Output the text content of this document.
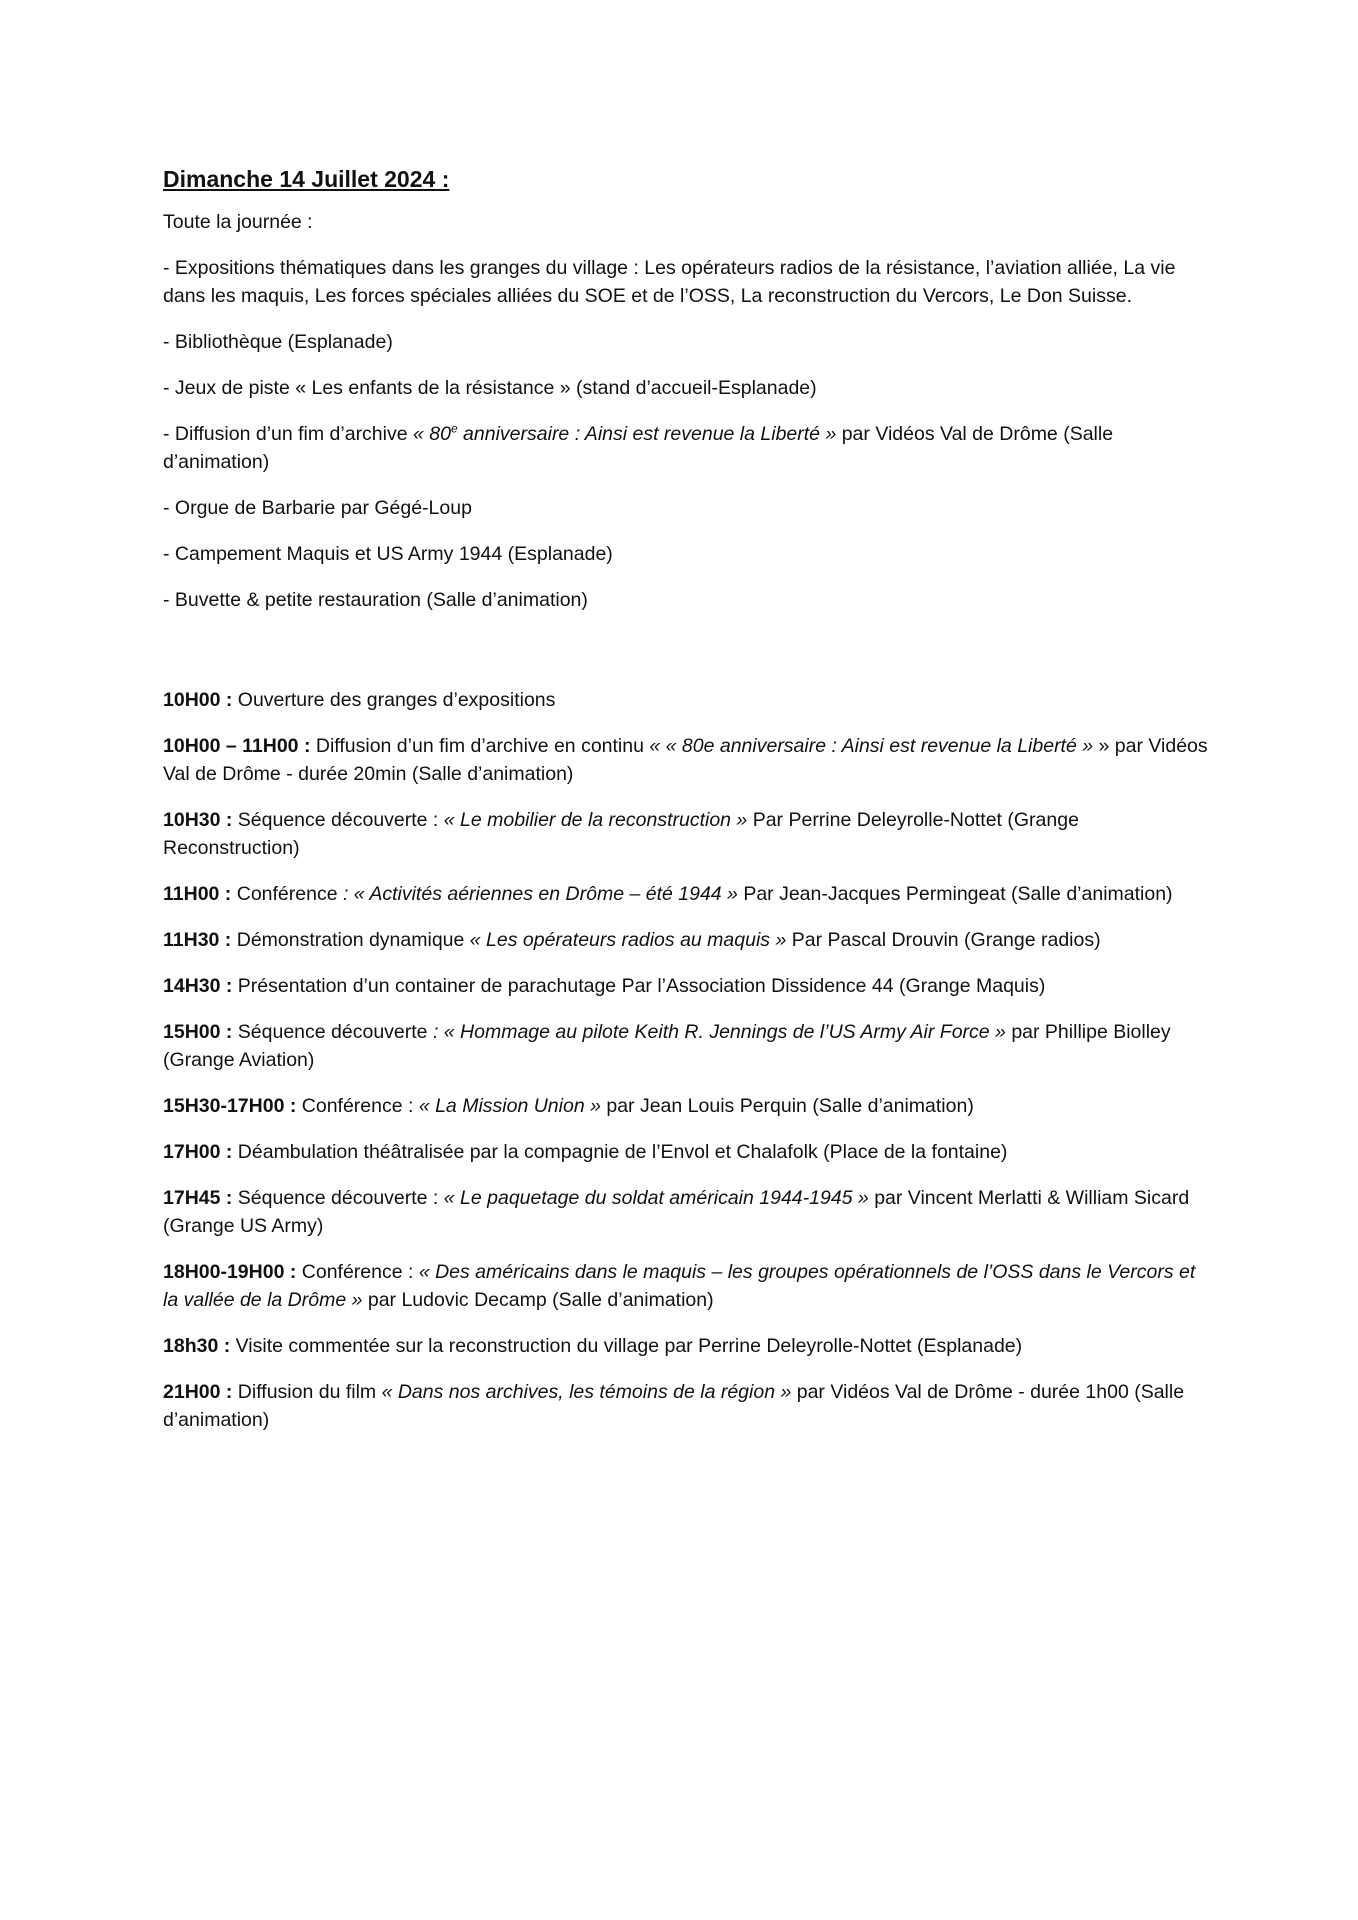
Dimanche 14 Juillet 2024 :
Toute la journée :
- Expositions thématiques dans les granges du village : Les opérateurs radios de la résistance, l’aviation alliée, La vie dans les maquis, Les forces spéciales alliées du SOE et de l’OSS, La reconstruction du Vercors, Le Don Suisse.
- Bibliothèque (Esplanade)
- Jeux de piste « Les enfants de la résistance » (stand d’accueil-Esplanade)
- Diffusion d’un fim d’archive « 80e anniversaire : Ainsi est revenue la Liberté » par Vidéos Val de Drôme (Salle d’animation)
- Orgue de Barbarie par Gégé-Loup
- Campement Maquis et US Army 1944 (Esplanade)
- Buvette & petite restauration (Salle d’animation)
10H00 : Ouverture des granges d’expositions
10H00 – 11H00 : Diffusion d’un fim d’archive en continu « « 80e anniversaire : Ainsi est revenue la Liberté » » par Vidéos Val de Drôme - durée 20min (Salle d’animation)
10H30 : Séquence découverte : « Le mobilier de la reconstruction » Par Perrine Deleyrolle-Nottet (Grange Reconstruction)
11H00 : Conférence : « Activités aériennes en Drôme – été 1944 » Par Jean-Jacques Permingeat (Salle d’animation)
11H30 : Démonstration dynamique « Les opérateurs radios au maquis » Par Pascal Drouvin (Grange radios)
14H30 : Présentation d’un container de parachutage Par l’Association Dissidence 44 (Grange Maquis)
15H00 : Séquence découverte : « Hommage au pilote Keith R. Jennings de l’US Army Air Force » par Phillipe Biolley (Grange Aviation)
15H30-17H00 : Conférence : « La Mission Union » par Jean Louis Perquin (Salle d’animation)
17H00 : Déambulation théâtralisée par la compagnie de l’Envol et Chalafolk (Place de la fontaine)
17H45 : Séquence découverte : « Le paquetage du soldat américain 1944-1945 » par Vincent Merlatti & William Sicard (Grange US Army)
18H00-19H00 : Conférence : « Des américains dans le maquis – les groupes opérationnels de l’OSS dans le Vercors et la vallée de la Drôme » par Ludovic Decamp (Salle d’animation)
18h30 : Visite commentée sur la reconstruction du village par Perrine Deleyrolle-Nottet (Esplanade)
21H00 : Diffusion du film « Dans nos archives, les témoins de la région » par Vidéos Val de Drôme - durée 1h00 (Salle d’animation)
